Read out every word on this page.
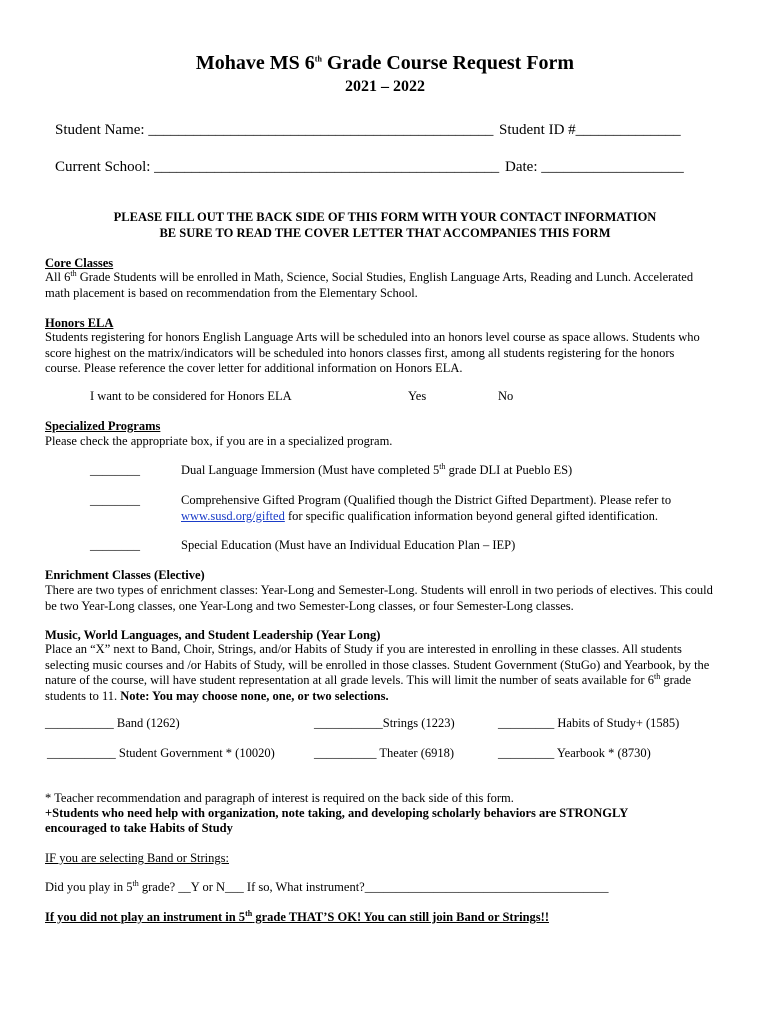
Mohave MS 6th Grade Course Request Form
2021 – 2022
Student Name: ______________________________________________ Student ID #______________
Current School: ______________________________________________ Date: ___________________
PLEASE FILL OUT THE BACK SIDE OF THIS FORM WITH YOUR CONTACT INFORMATION
BE SURE TO READ THE COVER LETTER THAT ACCOMPANIES THIS FORM
Core Classes
All 6th Grade Students will be enrolled in Math, Science, Social Studies, English Language Arts, Reading and Lunch. Accelerated
math placement is based on recommendation from the Elementary School.
Honors ELA
Students registering for honors English Language Arts will be scheduled into an honors level course as space allows. Students who
score highest on the matrix/indicators will be scheduled into honors classes first, among all students registering for the honors
course. Please reference the cover letter for additional information on Honors ELA.
I want to be considered for Honors ELA	Yes	No
Specialized Programs
Please check the appropriate box, if you are in a specialized program.
________	Dual Language Immersion (Must have completed 5th grade DLI at Pueblo ES)
________	Comprehensive Gifted Program (Qualified though the District Gifted Department). Please refer to
www.susd.org/gifted for specific qualification information beyond general gifted identification.
________	Special Education (Must have an Individual Education Plan – IEP)
Enrichment Classes (Elective)
There are two types of enrichment classes: Year-Long and Semester-Long. Students will enroll in two periods of electives. This could
be two Year-Long classes, one Year-Long and two Semester-Long classes, or four Semester-Long classes.
Music, World Languages, and Student Leadership (Year Long)
Place an “X” next to Band, Choir, Strings, and/or Habits of Study if you are interested in enrolling in these classes. All students
selecting music courses and /or Habits of Study, will be enrolled in those classes. Student Government (StuGo) and Yearbook, by the
nature of the course, will have student representation at all grade levels. This will limit the number of seats available for 6th grade
students to 11. Note: You may choose none, one, or two selections.
___________ Band (1262)	___________Strings (1223)	_________ Habits of Study+ (1585)
___________ Student Government * (10020)	__________ Theater (6918)	_________ Yearbook * (8730)
* Teacher recommendation and paragraph of interest is required on the back side of this form.
+Students who need help with organization, note taking, and developing scholarly behaviors are STRONGLY
encouraged to take Habits of Study
IF you are selecting Band or Strings:
Did you play in 5th grade? __Y or N___ If so, What instrument?_______________________________________
If you did not play an instrument in 5th grade THAT’S OK! You can still join Band or Strings!!
